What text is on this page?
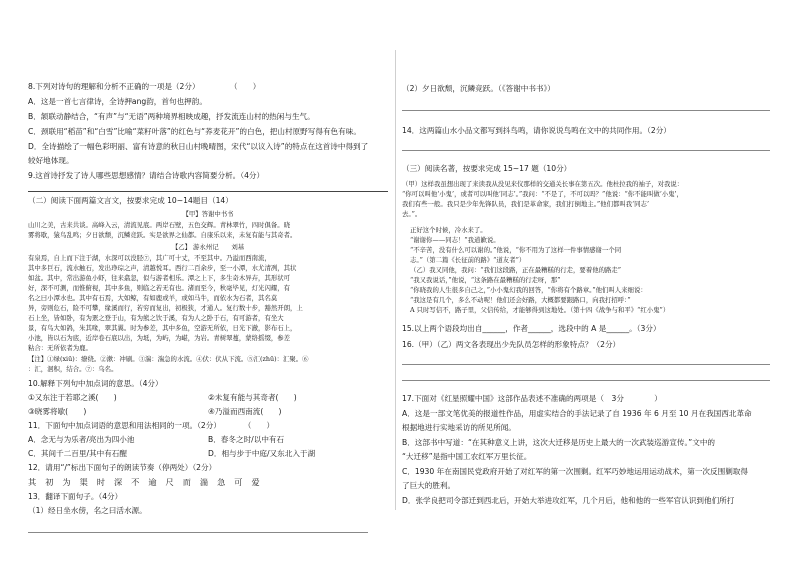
8.下列对诗句的理解和分析不正确的一项是（2分）　　　　　（　　）
A．这是一首七言律诗，全诗押ang韵，首句也押韵。
B．颔联动静结合，“有声”与“无语”两种境界相映成趣，抒发流连山村的热闲与生气。
C．颈联用“稻苗”和“白雪”比喻“菜籽叶落”的红色与“荞麦花开”的白色，把山村原野写得有色有味。
D．全诗描绘了一幅色彩明丽、富有诗意的秋日山村晚晴图，宋代“以议入诗”的特点在这首诗中得到了
较好地体现。
9.这首诗抒发了诗人哪些思想感情？请结合诗歌内容简要分析。（4分）
（二）阅读下面两篇文言文，按要求完成 10~14题目（14）
【甲】答谢中书书
山川之美，古来共谈。高峰入云，清流见底。两岸石壁，五色交辉。青林翠竹，四时俱备。晓
雾将歇，猿鸟乱鸣；夕日欲颓，沉鳞竞跃。实是欲界之仙都。自康乐以来，未复有能与其奇者。
【乙】 游永州记　　刘基
有泉焉，自上而下注于湖，水深可以没胫⑦，其广可十丈，不至其中。乃溢而西南流，
其中多巨石，流水触石，发出琤琮之声，清越悦耳。西行二百余步，至一小潭，水尤清冽，其状
如盆。其中，常出游鱼小虾，往来翕忽，似与游者相乐。潭之上下，多生奇木异卉，其形状可
好，深不可测，而惟俯视，其中多鱼，则临之若无有也。渚而至今，秋毫毕见，灯光闪耀，有
名之曰小潭水也。其中有石焉，大如鲸，有如鹿或羊，或如马牛，而依水为石者，其名莫
异，旁则危石，险不可攀，缘溪而行，若穷而复出，初极狭，才通人。复行数十步，豁然开朗，上
石上坐，皆如卧，有为罴之登于山，有为熊之饮于溪，有为人之卧于石，有可游者，有坐大
景，有鸟大如鸽，朱其喙，翠其翼。时为参差，其中多鱼，空游无所依，日光下澈，影布石上，
小池，皆以石为底，近岸卷石底以出，为坻，为屿，为嵁，为岩。青树翠蔓，蒙络摇缀，参差
粘合：无所依者为鹿。
【注】①绿(xiū)：缭绕。②漱：冲刷。③湍：湍急的水流。④伏：伏从下流。⑤汇(zhū)：汇聚。⑥
：汇，洄积，结合。⑦：乌名。
10.解释下列句中加点词的意思。（4分）
①又东注于若耶之溪(　　)	②未复有能与其奇者(　　)
③晓雾将歇(　　)	④乃溢而西南流(　　)
11．下面句中加点词语的意思和用法相同的一项。（2分）　　　　（　　）
A．念无与为乐者/亮出为四小池	B．春冬之时/以中有石
C．其间千二百里/其中有石醒	D．相与步于中庭/又东北入于湖
12．请用“/”标出下面句子的朗读节奏（停两处）（2分）
其 初 为 渠 时 深 不 逾 尺 而 湍 急 可 爱
13．翻译下面句子。（4分）
（1）经日坐水傍，名之曰活水源。
（2）夕日欲颓，沉鳞竞跃。（《答谢中书书》）
14．这两篇山水小品文都写到抖鸟鸣，请你说说鸟鸣在文中的共同作用。（2分）
（三）阅读名著，按要求完成 15~17 题（10分）
（甲）这样我虽想出现了来读我从没见来仪那样的交通关长事在第五次。他杜拉我的袖子，对我说：
“你可以叫他‘小鬼’，或者可以叫他‘同志’。”我问：“不是了，不可以吗？”他说：“你不能叫做‘小鬼’，
我们有些一般。我只是少年先锋队员，我们是革命家，我们打倒地主。”他们都叫我‘同志’
去。”。
正好这个时候，冷水来了。
“谢谢你——同志！”我道歉说。
“不辛苦，没有什么可以谢的。”他说，“你不用为了这样一件事情感谢一个同
志。”（第二篇《长征前的路》“道友者”）
（乙）我又同他，我问：“我们这段路，正在最糟糕的行走，要着他的路走”
“我又我说话，”他说，“这条路在最糟糕的行走呀，那”
“你晓我的人生很多自己之，”小小鬼幻我的回答，“你将有个路章。”他们叫人来细说：
“我这是有几个，多么不动呢！他们还会好路，大概都要跟路口，向我打招呼：”
A 只时写信不，路子里，父信传给，才能够得到这地处。（第十四《战争与和平》“红小鬼”）
15.以上两个语段均出自______，作者______，选段中的 A 是______。（3分）
16.（甲）（乙）两文各表现出少先队员怎样的形象特点？（2分）
17.下面对《红星照耀中国》这部作品表述不准确的两项是（　3分　　　　）
A．这是一部文笔优美的报道性作品，用虚实结合的手法记录了自 1936 年 6 月至 10 月在我国西北革命
根据地进行实地采访的所见所闻。
B．这部书中写道：“在其种意义上讲，这次大迁移是历史上最大的一次武装巡游宣传。”文中的
“大迁移”是指中国工农红军万里长征。
C．1930 年在南国民党政府开始了对红军的第一次围剿。红军巧妙地运用运动战术，第一次反围剿取得
了巨大的胜利。
D．张学良把司令部迁到西北后，开始大举进攻红军，几个月后，他和他的一些军官认识到他们所打
